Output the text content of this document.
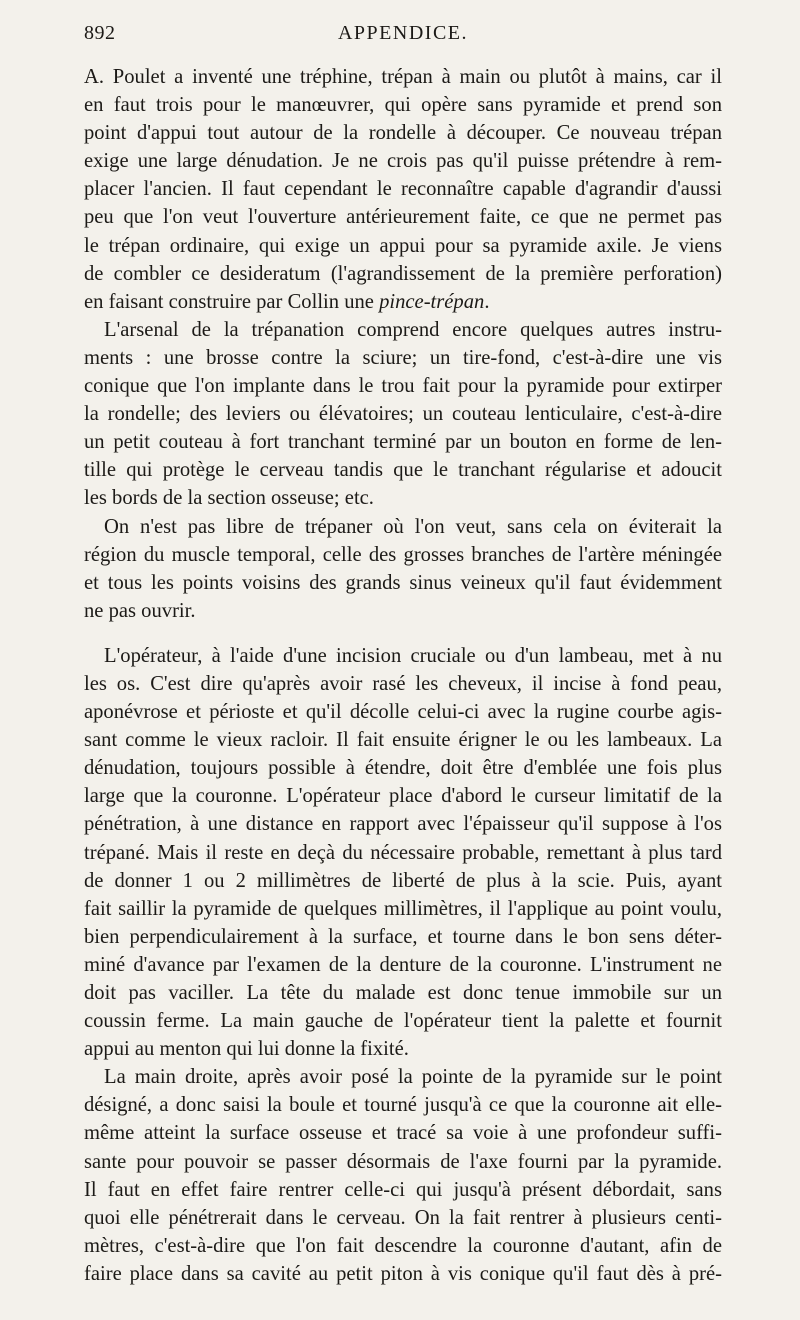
892	APPENDICE.

A. Poulet a inventé une tréphine, trépan à main ou plutôt à mains, car il
en faut trois pour le manœuvrer, qui opère sans pyramide et prend son
point d'appui tout autour de la rondelle à découper. Ce nouveau trépan
exige une large dénudation. Je ne crois pas qu'il puisse prétendre à rem-
placer l'ancien. Il faut cependant le reconnaître capable d'agrandir d'aussi
peu que l'on veut l'ouverture antérieurement faite, ce que ne permet pas
le trépan ordinaire, qui exige un appui pour sa pyramide axile. Je viens
de combler ce desideratum (l'agrandissement de la première perforation)
en faisant construire par Collin une pince-trépan.

L'arsenal de la trépanation comprend encore quelques autres instru-
ments : une brosse contre la sciure; un tire-fond, c'est-à-dire une vis
conique que l'on implante dans le trou fait pour la pyramide pour extirper
la rondelle; des leviers ou élévatoires; un couteau lenticulaire, c'est-à-dire
un petit couteau à fort tranchant terminé par un bouton en forme de len-
tille qui protège le cerveau tandis que le tranchant régularise et adoucit
les bords de la section osseuse; etc.

On n'est pas libre de trépaner où l'on veut, sans cela on éviterait la
région du muscle temporal, celle des grosses branches de l'artère méningée
et tous les points voisins des grands sinus veineux qu'il faut évidemment
ne pas ouvrir.

L'opérateur, à l'aide d'une incision cruciale ou d'un lambeau, met à nu
les os. C'est dire qu'après avoir rasé les cheveux, il incise à fond peau,
aponévrose et périoste et qu'il décolle celui-ci avec la rugine courbe agis-
sant comme le vieux racloir. Il fait ensuite érigner le ou les lambeaux. La
dénudation, toujours possible à étendre, doit être d'emblée une fois plus
large que la couronne. L'opérateur place d'abord le curseur limitatif de la
pénétration, à une distance en rapport avec l'épaisseur qu'il suppose à l'os
trépané. Mais il reste en deçà du nécessaire probable, remettant à plus tard
de donner 1 ou 2 millimètres de liberté de plus à la scie. Puis, ayant
fait saillir la pyramide de quelques millimètres, il l'applique au point voulu,
bien perpendiculairement à la surface, et tourne dans le bon sens déter-
miné d'avance par l'examen de la denture de la couronne. L'instrument ne
doit pas vaciller. La tête du malade est donc tenue immobile sur un
coussin ferme. La main gauche de l'opérateur tient la palette et fournit
appui au menton qui lui donne la fixité.

La main droite, après avoir posé la pointe de la pyramide sur le point
désigné, a donc saisi la boule et tourné jusqu'à ce que la couronne ait elle-
même atteint la surface osseuse et tracé sa voie à une profondeur suffi-
sante pour pouvoir se passer désormais de l'axe fourni par la pyramide.
Il faut en effet faire rentrer celle-ci qui jusqu'à présent débordait, sans
quoi elle pénétrerait dans le cerveau. On la fait rentrer à plusieurs centi-
mètres, c'est-à-dire que l'on fait descendre la couronne d'autant, afin de
faire place dans sa cavité au petit piton à vis conique qu'il faut dès à pré-
